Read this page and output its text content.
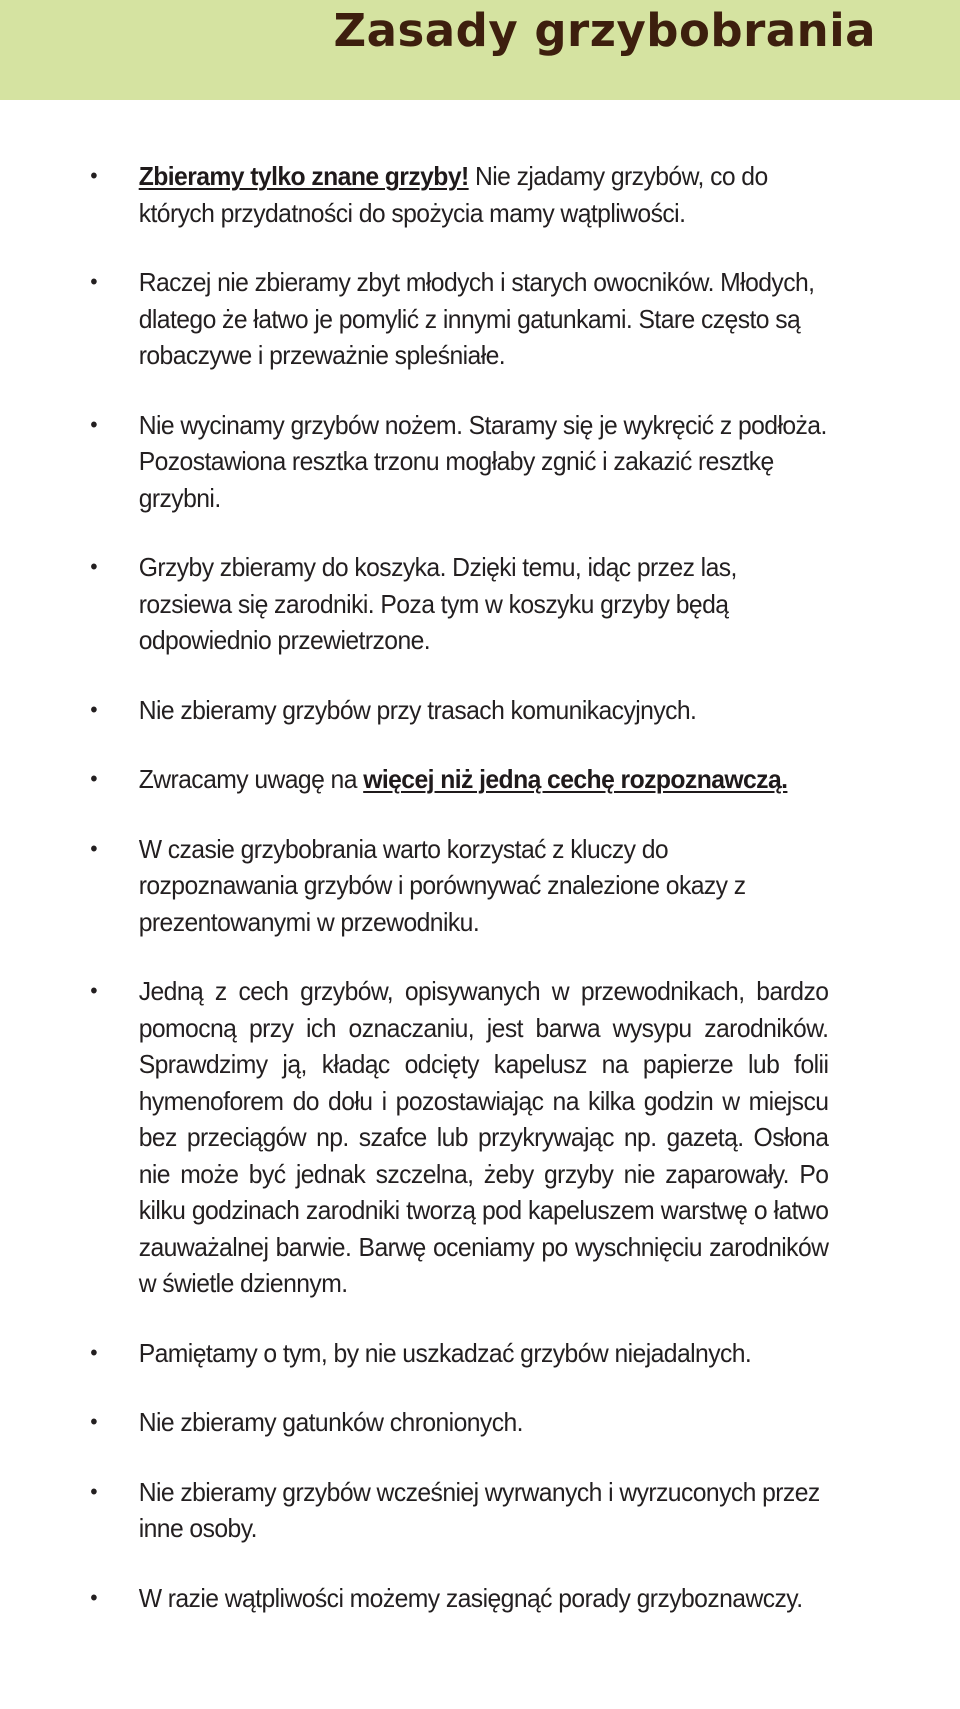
Zasady grzybobrania
• Zbieramy tylko znane grzyby! Nie zjadamy grzybów, co do których przydatności do spożycia mamy wątpliwości.
• Raczej nie zbieramy zbyt młodych i starych owocników. Młodych, dlatego że łatwo je pomylić z innymi gatunkami. Stare często są robaczywe i przeważnie spleśniałe.
• Nie wycinamy grzybów nożem. Staramy się je wykręcić z podłoża. Pozostawiona resztka trzonu mogłaby zgnić i zakazić resztkę grzybni.
• Grzyby zbieramy do koszyka. Dzięki temu, idąc przez las, rozsiewa się zarodniki. Poza tym w koszyku grzyby będą odpowiednio przewietrzone.
• Nie zbieramy grzybów przy trasach komunikacyjnych.
• Zwracamy uwagę na więcej niż jedną cechę rozpoznawczą.
• W czasie grzybobrania warto korzystać z kluczy do rozpoznawania grzybów i porównywać znalezione okazy z prezentowanymi w przewodniku.
• Jedną z cech grzybów, opisywanych w przewodnikach, bardzo pomocną przy ich oznaczaniu, jest barwa wysypu zarodników. Sprawdzimy ją, kładąc odcięty kapelusz na papierze lub folii hymenoforem do dołu i pozostawiając na kilka godzin w miejscu bez przeciągów np. szafce lub przykrywając np. gazetą. Osłona nie może być jednak szczelna, żeby grzyby nie zaparowały. Po kilku godzinach zarodniki tworzą pod kapeluszem warstwę o łatwo zauważalnej barwie. Barwę oceniamy po wyschnięciu zarodników w świetle dziennym.
• Pamiętamy o tym, by nie uszkadzać grzybów niejadalnych.
• Nie zbieramy gatunków chronionych.
• Nie zbieramy grzybów wcześniej wyrwanych i wyrzuconych przez inne osoby.
• W razie wątpliwości możemy zasięgnąć porady grzyboznawczy.
